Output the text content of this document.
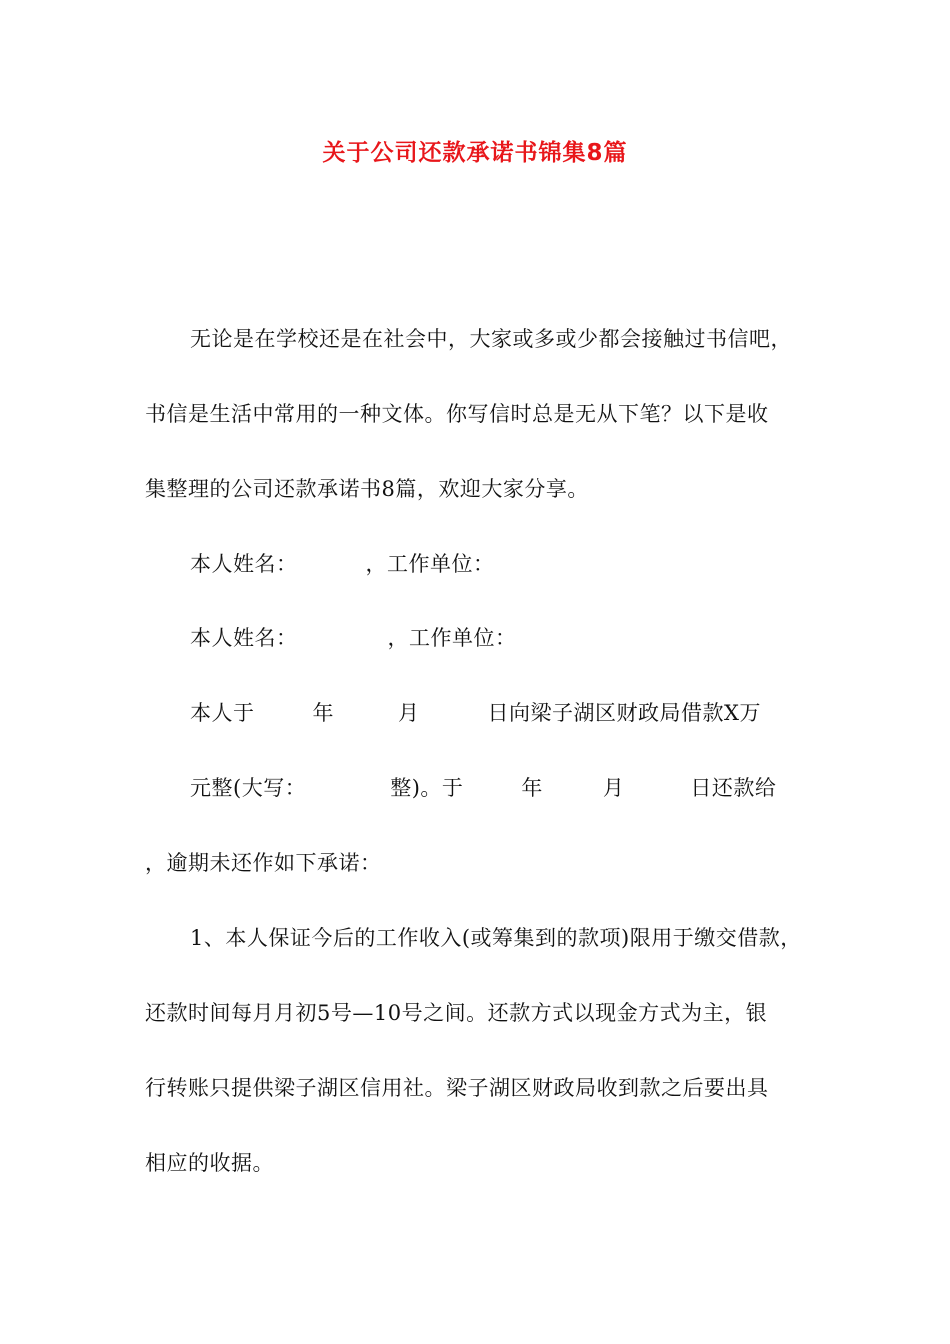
关于公司还款承诺书锦集8篇
无论是在学校还是在社会中，大家或多或少都会接触过书信吧，
书信是生活中常用的一种文体。你写信时总是无从下笔？以下是收
集整理的公司还款承诺书8篇，欢迎大家分享。
本人姓名：	，工作单位：
本人姓名：	，工作单位：
本人于	年	月	日向梁子湖区财政局借款X万
元整(大写：	整)。于	年	月	日还款给
，逾期未还作如下承诺：
1、本人保证今后的工作收入(或筹集到的款项)限用于缴交借款，
还款时间每月月初5号—10号之间。还款方式以现金方式为主，银
行转账只提供梁子湖区信用社。梁子湖区财政局收到款之后要出具
相应的收据。
